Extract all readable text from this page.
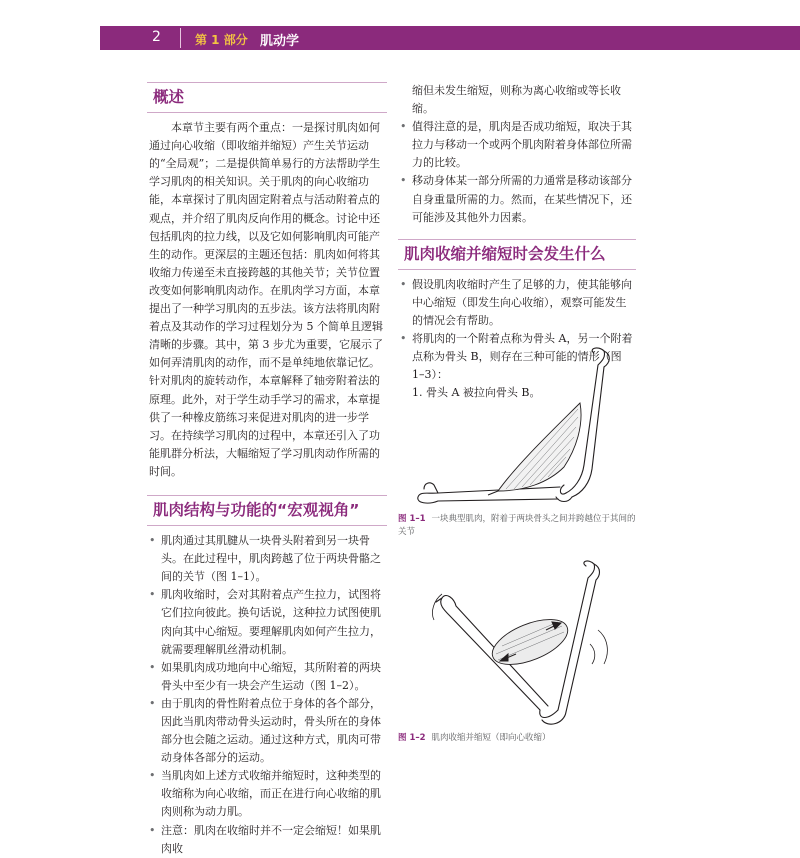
2	第 1 部分 肌动学
概述

本章节主要有两个重点：一是探讨肌肉如何通过向心收缩（即收缩并缩短）产生关节运动的“全局观”；二是提供简单易行的方法帮助学生学习肌肉的相关知识。关于肌肉的向心收缩功能，本章探讨了肌肉固定附着点与活动附着点的观点，并介绍了肌肉反向作用的概念。讨论中还包括肌肉的拉力线，以及它如何影响肌肉可能产生的动作。更深层的主题还包括：肌肉如何将其收缩力传递至未直接跨越的其他关节；关节位置改变如何影响肌肉动作。在肌肉学习方面，本章提出了一种学习肌肉的五步法。该方法将肌肉附着点及其动作的学习过程划分为 5 个简单且逻辑清晰的步骤。其中，第 3 步尤为重要，它展示了如何弄清肌肉的动作，而不是单纯地依靠记忆。针对肌肉的旋转动作，本章解释了轴旁附着法的原理。此外，对于学生动手学习的需求，本章提供了一种橡皮筋练习来促进对肌肉的进一步学习。在持续学习肌肉的过程中，本章还引入了功能肌群分析法，大幅缩短了学习肌肉动作所需的时间。

肌肉结构与功能的“宏观视角”
• 肌肉通过其肌腱从一块骨头附着到另一块骨头。在此过程中，肌肉跨越了位于两块骨骼之间的关节（图 1–1）。
• 肌肉收缩时，会对其附着点产生拉力，试图将它们拉向彼此。换句话说，这种拉力试图使肌肉向其中心缩短。要理解肌肉如何产生拉力，就需要理解肌丝滑动机制。
• 如果肌肉成功地向中心缩短，其所附着的两块骨头中至少有一块会产生运动（图 1–2）。
• 由于肌肉的骨性附着点位于身体的各个部分，因此当肌肉带动骨头运动时，骨头所在的身体部分也会随之运动。通过这种方式，肌肉可带动身体各部分的运动。
• 当肌肉如上述方式收缩并缩短时，这种类型的收缩称为向心收缩，而正在进行向心收缩的肌肉则称为动力肌。
• 注意：肌肉在收缩时并不一定会缩短！如果肌肉收
缩但未发生缩短，则称为离心收缩或等长收缩。
• 值得注意的是，肌肉是否成功缩短，取决于其拉力与移动一个或两个肌肉附着身体部位所需力的比较。
• 移动身体某一部分所需的力通常是移动该部分自身重量所需的力。然而，在某些情况下，还可能涉及其他外力因素。
肌肉收缩并缩短时会发生什么
• 假设肌肉收缩时产生了足够的力，使其能够向中心缩短（即发生向心收缩），观察可能发生的情况会有帮助。
• 将肌肉的一个附着点称为骨头 A，另一个附着点称为骨头 B，则存在三种可能的情形（图 1–3）：
1. 骨头 A 被拉向骨头 B。
图 1–1 一块典型肌肉，附着于两块骨头之间并跨越位于其间的关节
图 1–2 肌肉收缩并缩短（即向心收缩）
